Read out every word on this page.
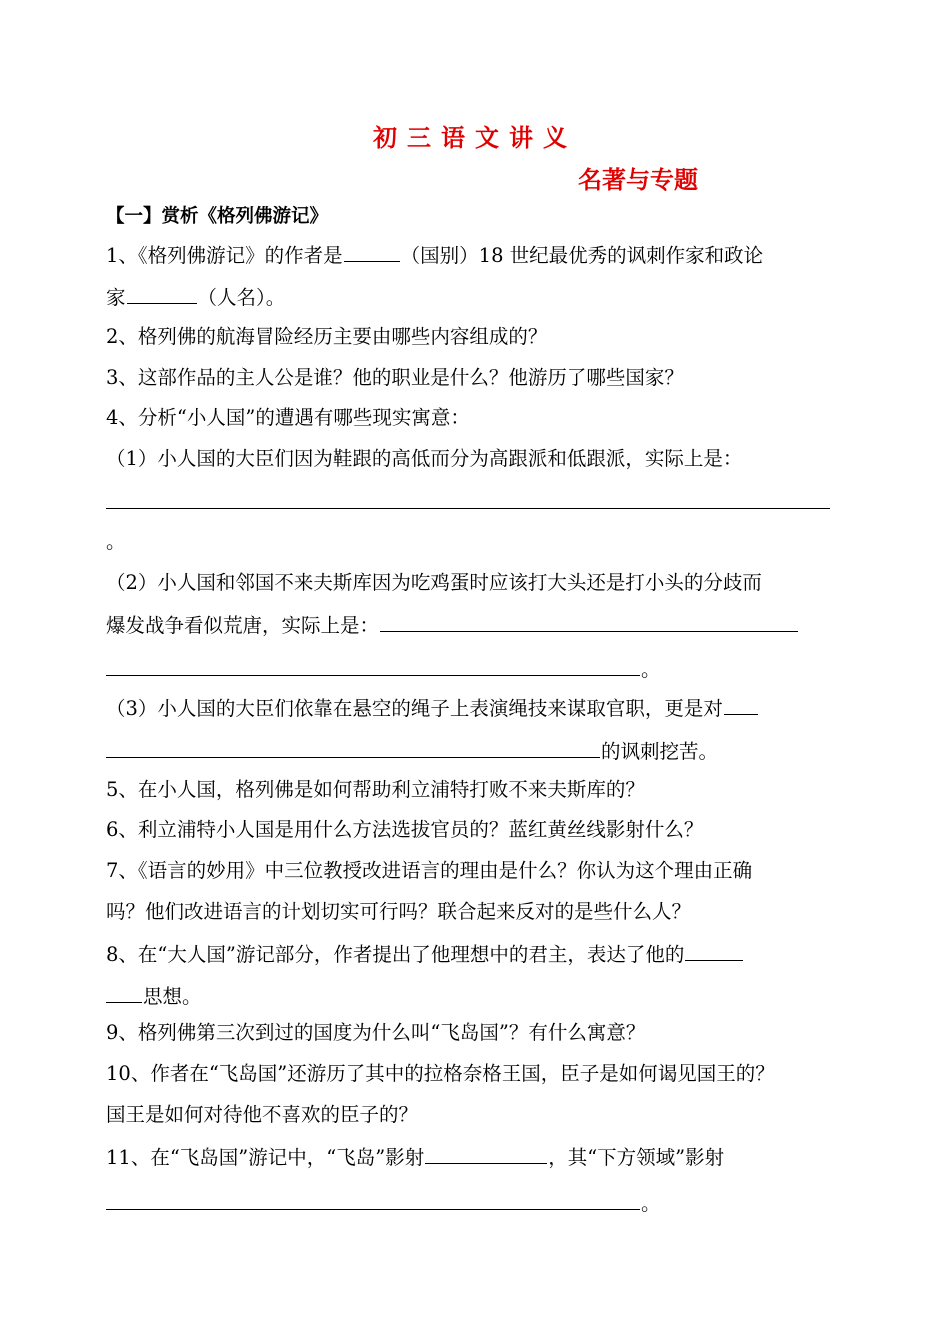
初三语文讲义
名著与专题
【一】赏析《格列佛游记》
1、《格列佛游记》的作者是	（国别）18 世纪最优秀的讽刺作家和政论
家	（人名）。
2、格列佛的航海冒险经历主要由哪些内容组成的？
3、这部作品的主人公是谁？他的职业是什么？他游历了哪些国家？
4、分析“小人国”的遭遇有哪些现实寓意：
（1）小人国的大臣们因为鞋跟的高低而分为高跟派和低跟派，实际上是：
。
（2）小人国和邻国不来夫斯库因为吃鸡蛋时应该打大头还是打小头的分歧而
爆发战争看似荒唐，实际上是：
。
（3）小人国的大臣们依靠在悬空的绳子上表演绳技来谋取官职，更是对
的讽刺挖苦。
5、在小人国，格列佛是如何帮助利立浦特打败不来夫斯库的？
6、利立浦特小人国是用什么方法选拔官员的？蓝红黄丝线影射什么？
7、《语言的妙用》中三位教授改进语言的理由是什么？你认为这个理由正确
吗？他们改进语言的计划切实可行吗？联合起来反对的是些什么人？
8、在“大人国”游记部分，作者提出了他理想中的君主，表达了他的
思想。
9、格列佛第三次到过的国度为什么叫“飞岛国”？有什么寓意？
10、作者在“飞岛国”还游历了其中的拉格奈格王国，臣子是如何谒见国王的？
国王是如何对待他不喜欢的臣子的？
11、在“飞岛国”游记中，“飞岛”影射	，其“下方领域”影射
。
